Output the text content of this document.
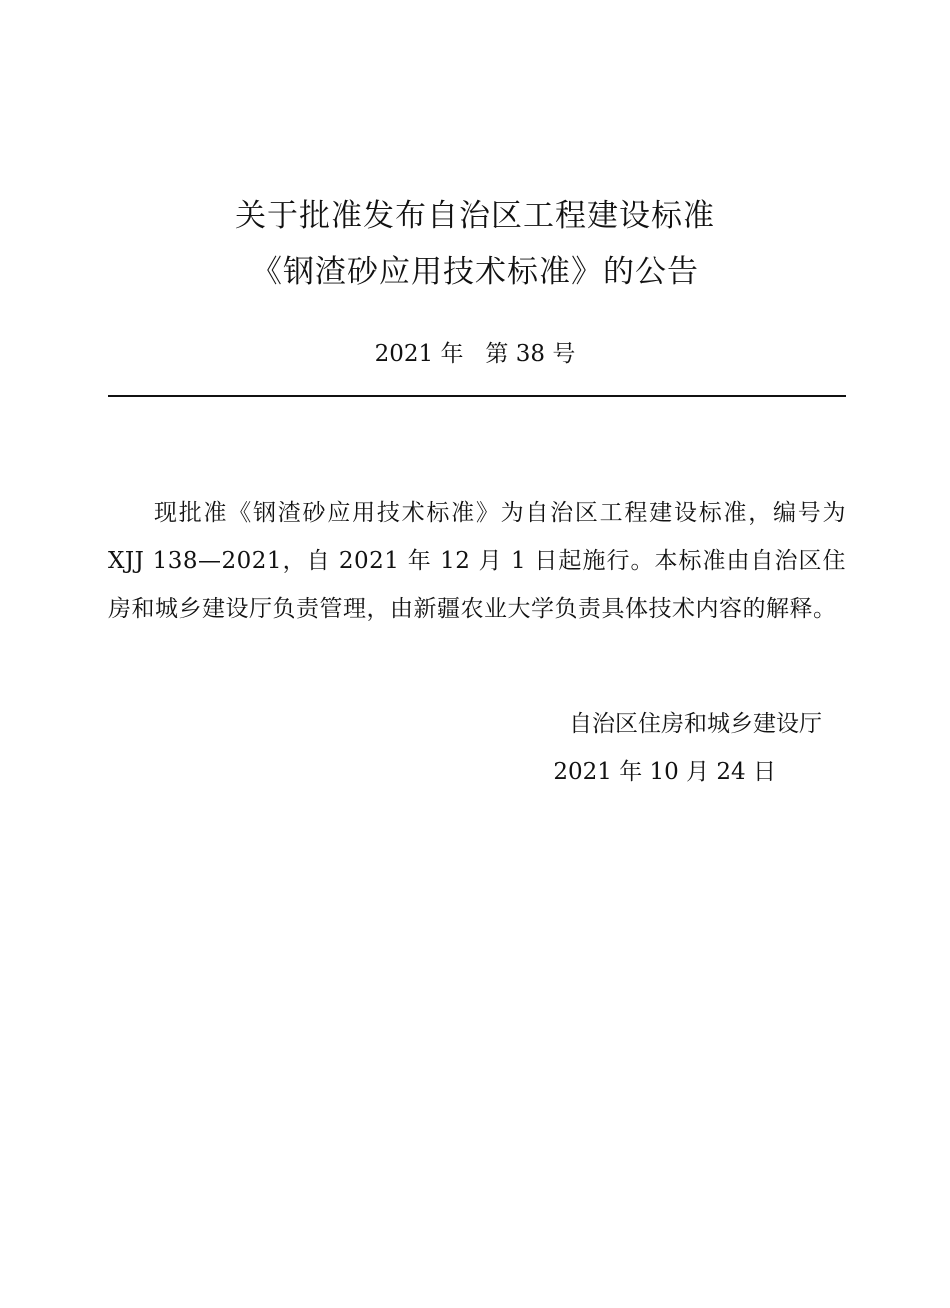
关于批准发布自治区工程建设标准
《钢渣砂应用技术标准》的公告
2021 年   第 38 号

现批准《钢渣砂应用技术标准》为自治区工程建设标准，编号为 XJJ 138—2021，自 2021 年 12 月 1 日起施行。本标准由自治区住房和城乡建设厅负责管理，由新疆农业大学负责具体技术内容的解释。

自治区住房和城乡建设厅
2021 年 10 月 24 日
